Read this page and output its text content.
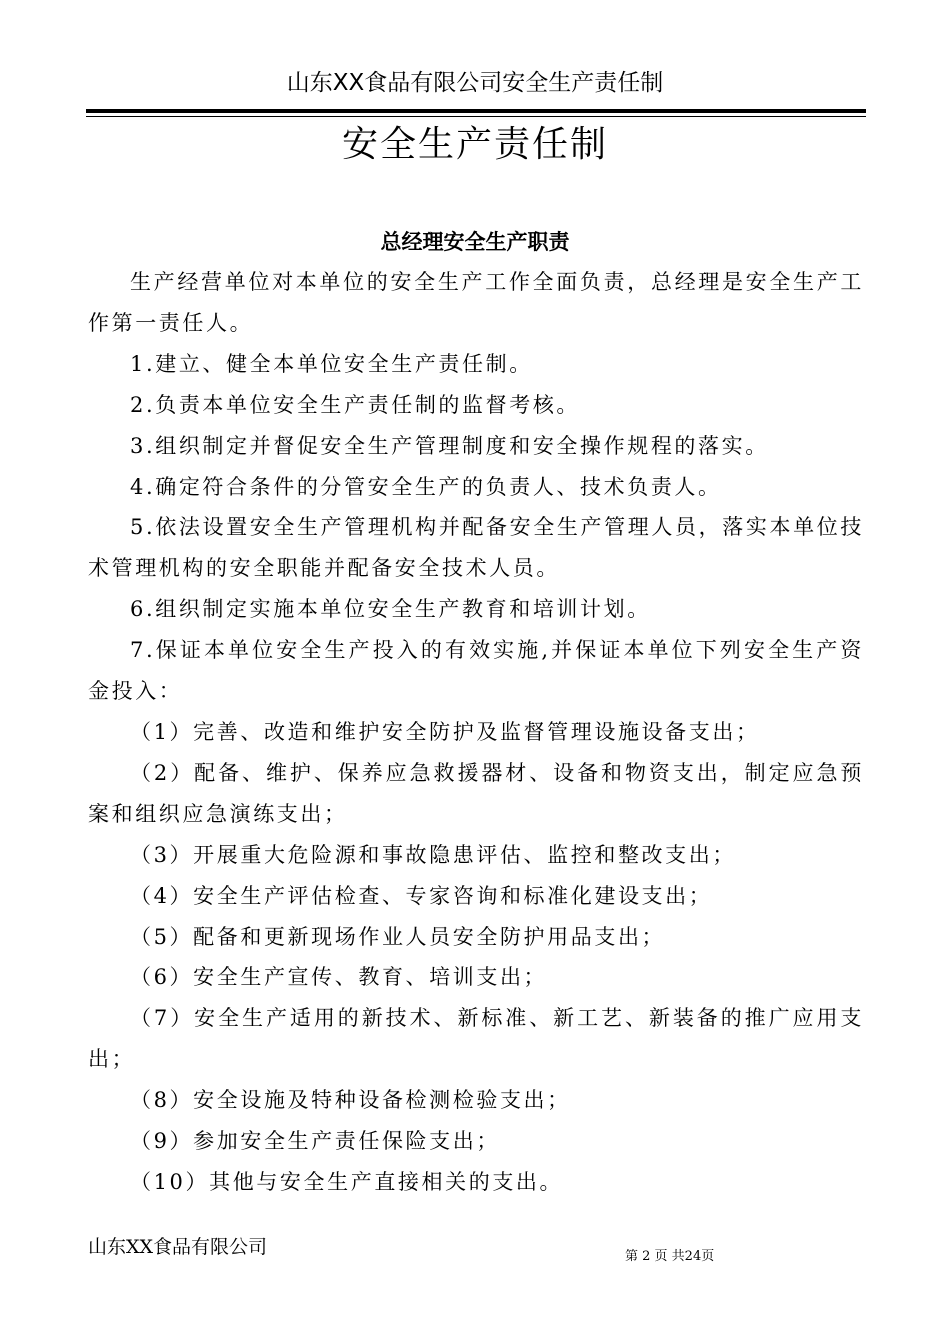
山东XX食品有限公司安全生产责任制
安全生产责任制
总经理安全生产职责

生产经营单位对本单位的安全生产工作全面负责，总经理是安全生产工作第一责任人。

1.建立、健全本单位安全生产责任制。

2.负责本单位安全生产责任制的监督考核。

3.组织制定并督促安全生产管理制度和安全操作规程的落实。

4.确定符合条件的分管安全生产的负责人、技术负责人。

5.依法设置安全生产管理机构并配备安全生产管理人员，落实本单位技术管理机构的安全职能并配备安全技术人员。

6.组织制定实施本单位安全生产教育和培训计划。

7.保证本单位安全生产投入的有效实施,并保证本单位下列安全生产资金投入：

（1）完善、改造和维护安全防护及监督管理设施设备支出；

（2）配备、维护、保养应急救援器材、设备和物资支出，制定应急预案和组织应急演练支出；

（3）开展重大危险源和事故隐患评估、监控和整改支出；

（4）安全生产评估检查、专家咨询和标准化建设支出；

（5）配备和更新现场作业人员安全防护用品支出；

（6）安全生产宣传、教育、培训支出；

（7）安全生产适用的新技术、新标准、新工艺、新装备的推广应用支出；

（8）安全设施及特种设备检测检验支出；

（9）参加安全生产责任保险支出；

（10）其他与安全生产直接相关的支出。

山东XX食品有限公司	第 2 页 共24页
